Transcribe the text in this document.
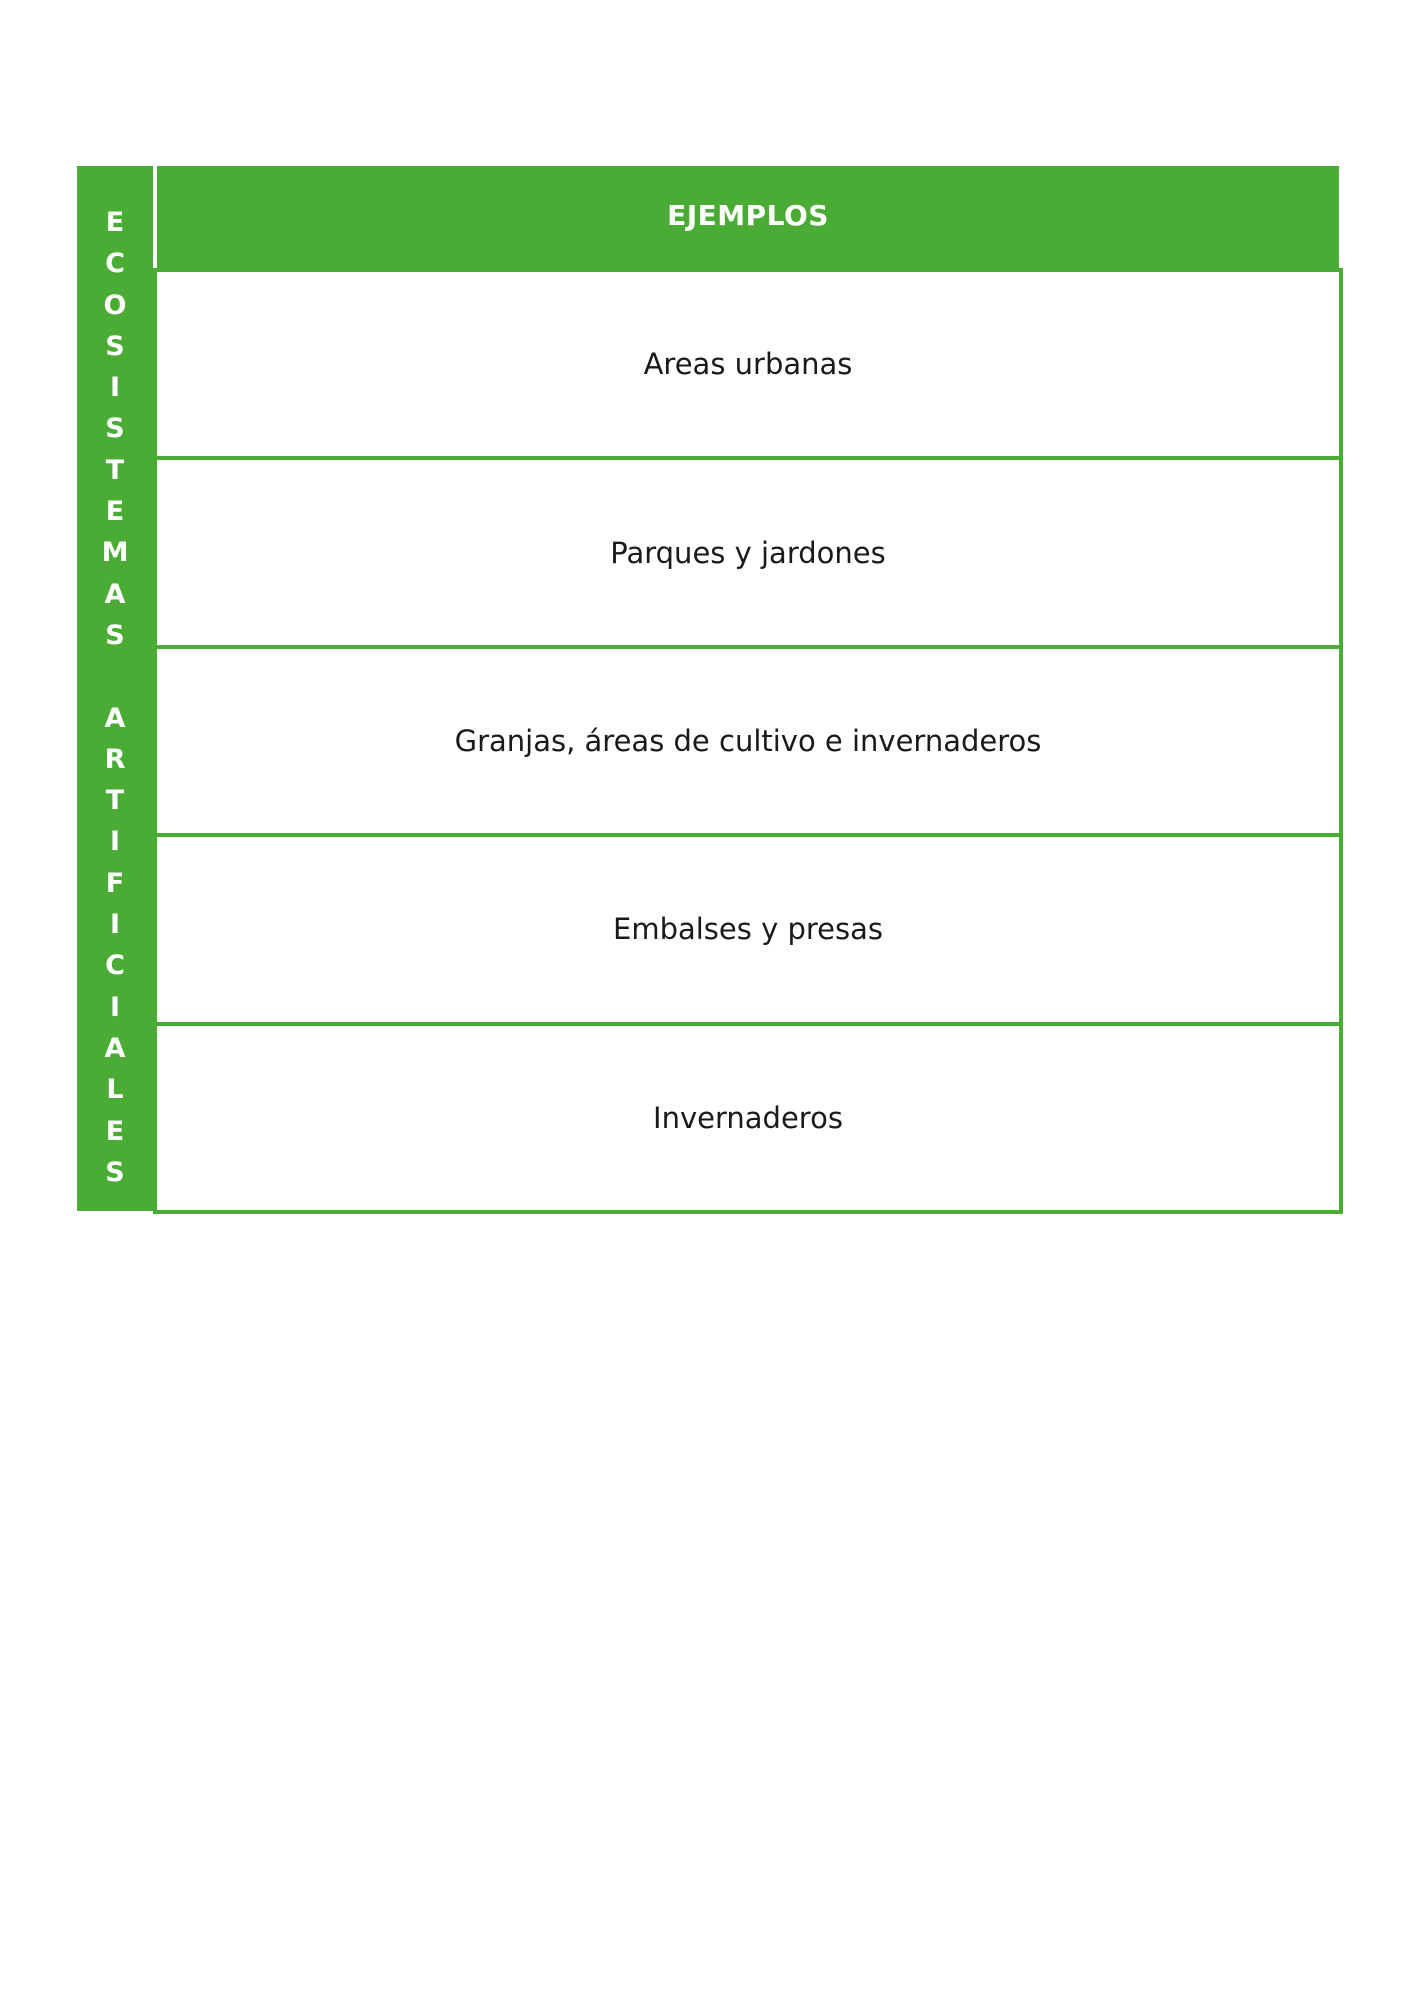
E
C
O
S
I
S
T
E
M
A
S
A
R
T
I
F
I
C
I
A
L
E
S
EJEMPLOS
Areas urbanas
Parques y jardones
Granjas, áreas de cultivo e invernaderos
Embalses y presas
Invernaderos
